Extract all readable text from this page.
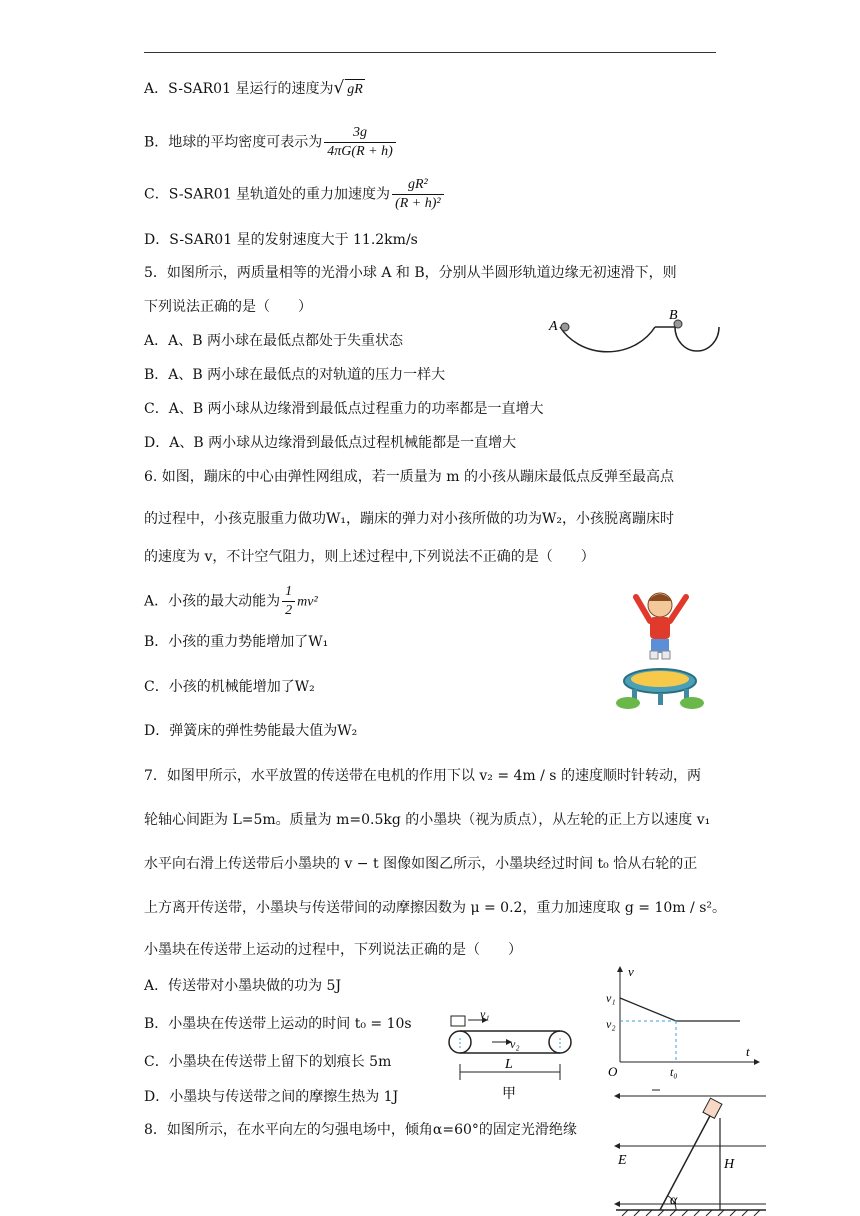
A．S-SAR01 星运行的速度为√ gR
B．地球的平均密度可表示为 $\frac{3g}{4\pi G(R + h)}$
C．S-SAR01 星轨道处的重力加速度为 $\frac{\text{gR²}}{\text{(R + h)²}}$
D．S-SAR01 星的发射速度大于 11.2km/s
5．如图所示，两质量相等的光滑小球 A 和 B，分别从半圆形轨道边缘无初速滑下，则
下列说法正确的是（　　）
A．A、B 两小球在最低点都处于失重状态
B．A、B 两小球在最低点的对轨道的压力一样大
C．A、B 两小球从边缘滑到最低点过程重力的功率都是一直增大
D．A、B 两小球从边缘滑到最低点过程机械能都是一直增大
A
B
6. 如图，蹦床的中心由弹性网组成，若一质量为 m 的小孩从蹦床最低点反弹至最高点
的过程中，小孩克服重力做功W₁，蹦床的弹力对小孩所做的功为W₂，小孩脱离蹦床时
的速度为 v，不计空气阻力，则上述过程中,下列说法不正确的是（　　）
A．小孩的最大动能为 $\frac{1}{2} mv^2$
B．小孩的重力势能增加了W₁
C．小孩的机械能增加了W₂
D．弹簧床的弹性势能最大值为W₂
7．如图甲所示，水平放置的传送带在电机的作用下以 v₂ = 4m / s 的速度顺时针转动，两
轮轴心间距为 L=5m。质量为 m=0.5kg 的小墨块（视为质点），从左轮的正上方以速度 v₁
水平向右滑上传送带后小墨块的 v − t 图像如图乙所示，小墨块经过时间 t₀ 恰从右轮的正
上方离开传送带，小墨块与传送带间的动摩擦因数为 μ = 0.2，重力加速度取 g = 10m / s²。
小墨块在传送带上运动的过程中，下列说法正确的是（　　）
A．传送带对小墨块做的功为 5J
B．小墨块在传送带上运动的时间 t₀ = 10s
C．小墨块在传送带上留下的划痕长 5m
D．小墨块与传送带之间的摩擦生热为 1J
v₁
v₂
L
甲
v
t
O
v₁
v₂
t₀
8．如图所示，在水平向左的匀强电场中，倾角α=60°的固定光滑绝缘
E	H
α
